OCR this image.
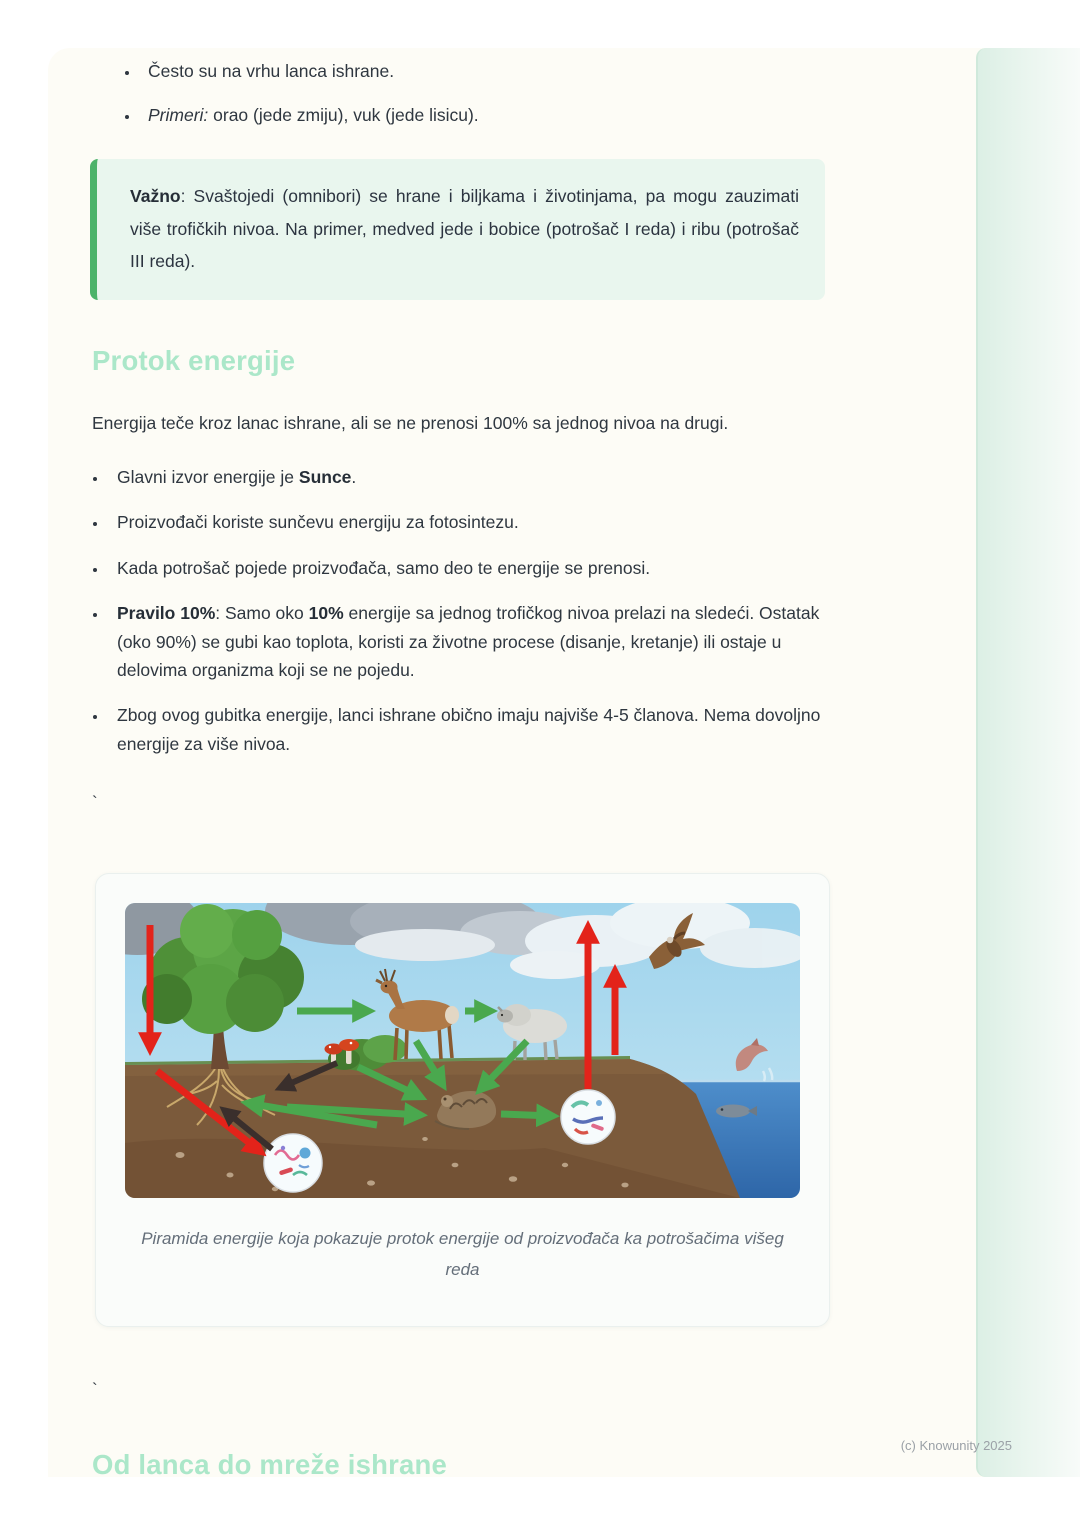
• Često su na vrhu lanca ishrane.
• Primeri: orao (jede zmiju), vuk (jede lisicu).
Važno: Svaštojedi (omnibori) se hrane i biljkama i životinjama, pa mogu zauzimati više trofičkih nivoa. Na primer, medved jede i bobice (potrošač I reda) i ribu (potrošač III reda).
Protok energije

Energija teče kroz lanac ishrane, ali se ne prenosi 100% sa jednog nivoa na drugi.

• Glavni izvor energije je Sunce.
• Proizvođači koriste sunčevu energiju za fotosintezu.
• Kada potrošač pojede proizvođača, samo deo te energije se prenosi.
• Pravilo 10%: Samo oko 10% energije sa jednog trofičkog nivoa prelazi na sledeći. Ostatak (oko 90%) se gubi kao toplota, koristi za životne procese (disanje, kretanje) ili ostaje u delovima organizma koji se ne pojedu.
• Zbog ovog gubitka energije, lanci ishrane obično imaju najviše 4-5 članova. Nema dovoljno energije za više nivoa.
`
Piramida energije koja pokazuje protok energije od proizvođača ka potrošačima višeg reda
`
Od lanca do mreže ishrane
(c) Knowunity 2025
